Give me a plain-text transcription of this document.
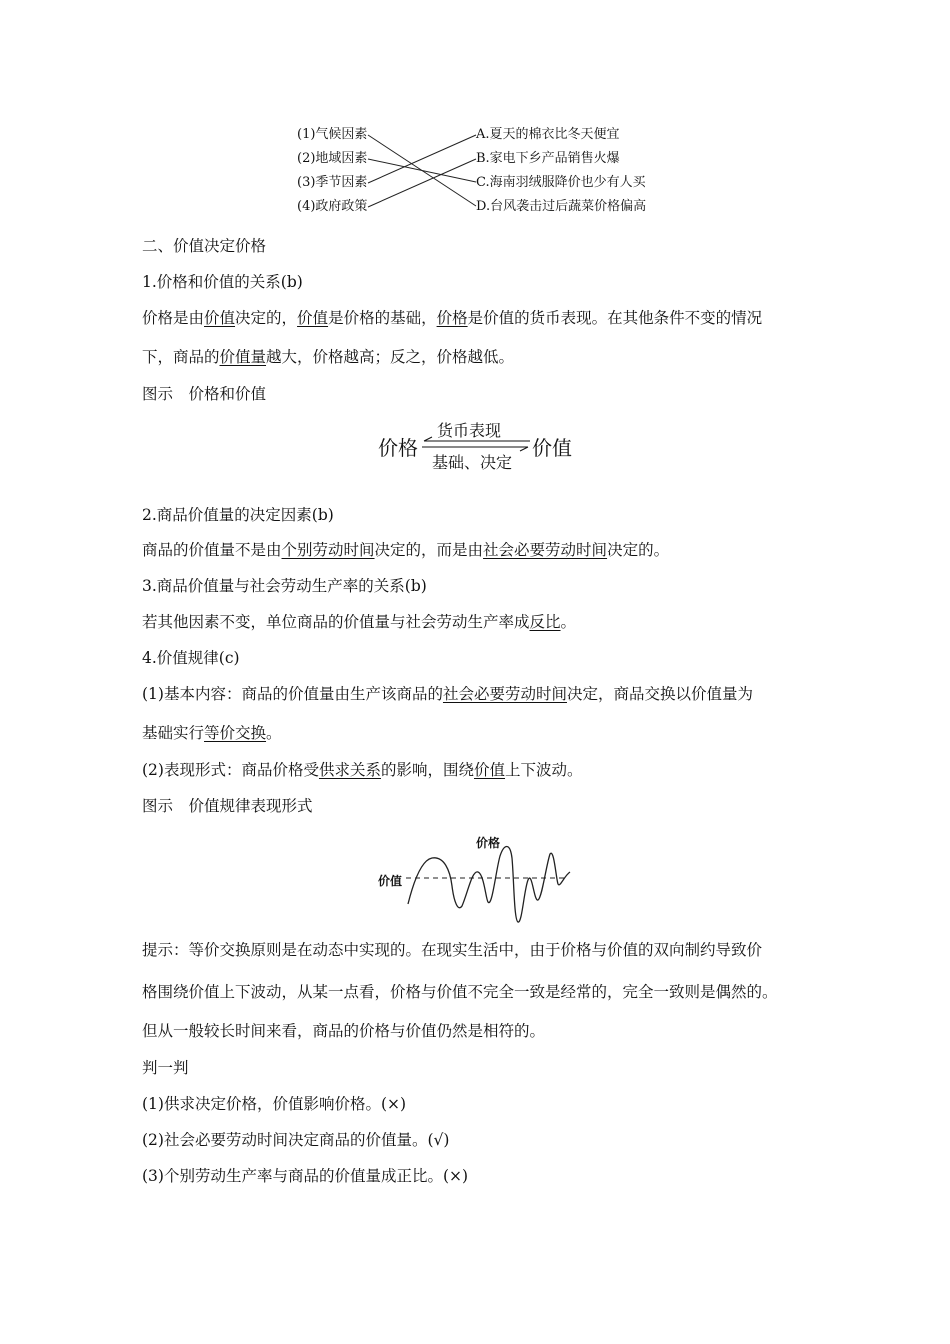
(1)气候因素
(2)地域因素
(3)季节因素
(4)政府政策
A.夏天的棉衣比冬天便宜
B.家电下乡产品销售火爆
C.海南羽绒服降价也少有人买
D.台风袭击过后蔬菜价格偏高
二、价值决定价格
1.价格和价值的关系(b)
价格是由价值决定的，价值是价格的基础，价格是价值的货币表现。在其他条件不变的情况
下，商品的价值量越大，价格越高；反之，价格越低。
图示　价格和价值
价格
货币表现
基础、决定
价值
2.商品价值量的决定因素(b)
商品的价值量不是由个别劳动时间决定的，而是由社会必要劳动时间决定的。
3.商品价值量与社会劳动生产率的关系(b)
若其他因素不变，单位商品的价值量与社会劳动生产率成反比。
4.价值规律(c)
(1)基本内容：商品的价值量由生产该商品的社会必要劳动时间决定，商品交换以价值量为
基础实行等价交换。
(2)表现形式：商品价格受供求关系的影响，围绕价值上下波动。
图示　价值规律表现形式
价格
价值
提示：等价交换原则是在动态中实现的。在现实生活中，由于价格与价值的双向制约导致价
格围绕价值上下波动，从某一点看，价格与价值不完全一致是经常的，完全一致则是偶然的。
但从一般较长时间来看，商品的价格与价值仍然是相符的。
判一判
(1)供求决定价格，价值影响价格。(×)
(2)社会必要劳动时间决定商品的价值量。(√)
(3)个别劳动生产率与商品的价值量成正比。(×)
